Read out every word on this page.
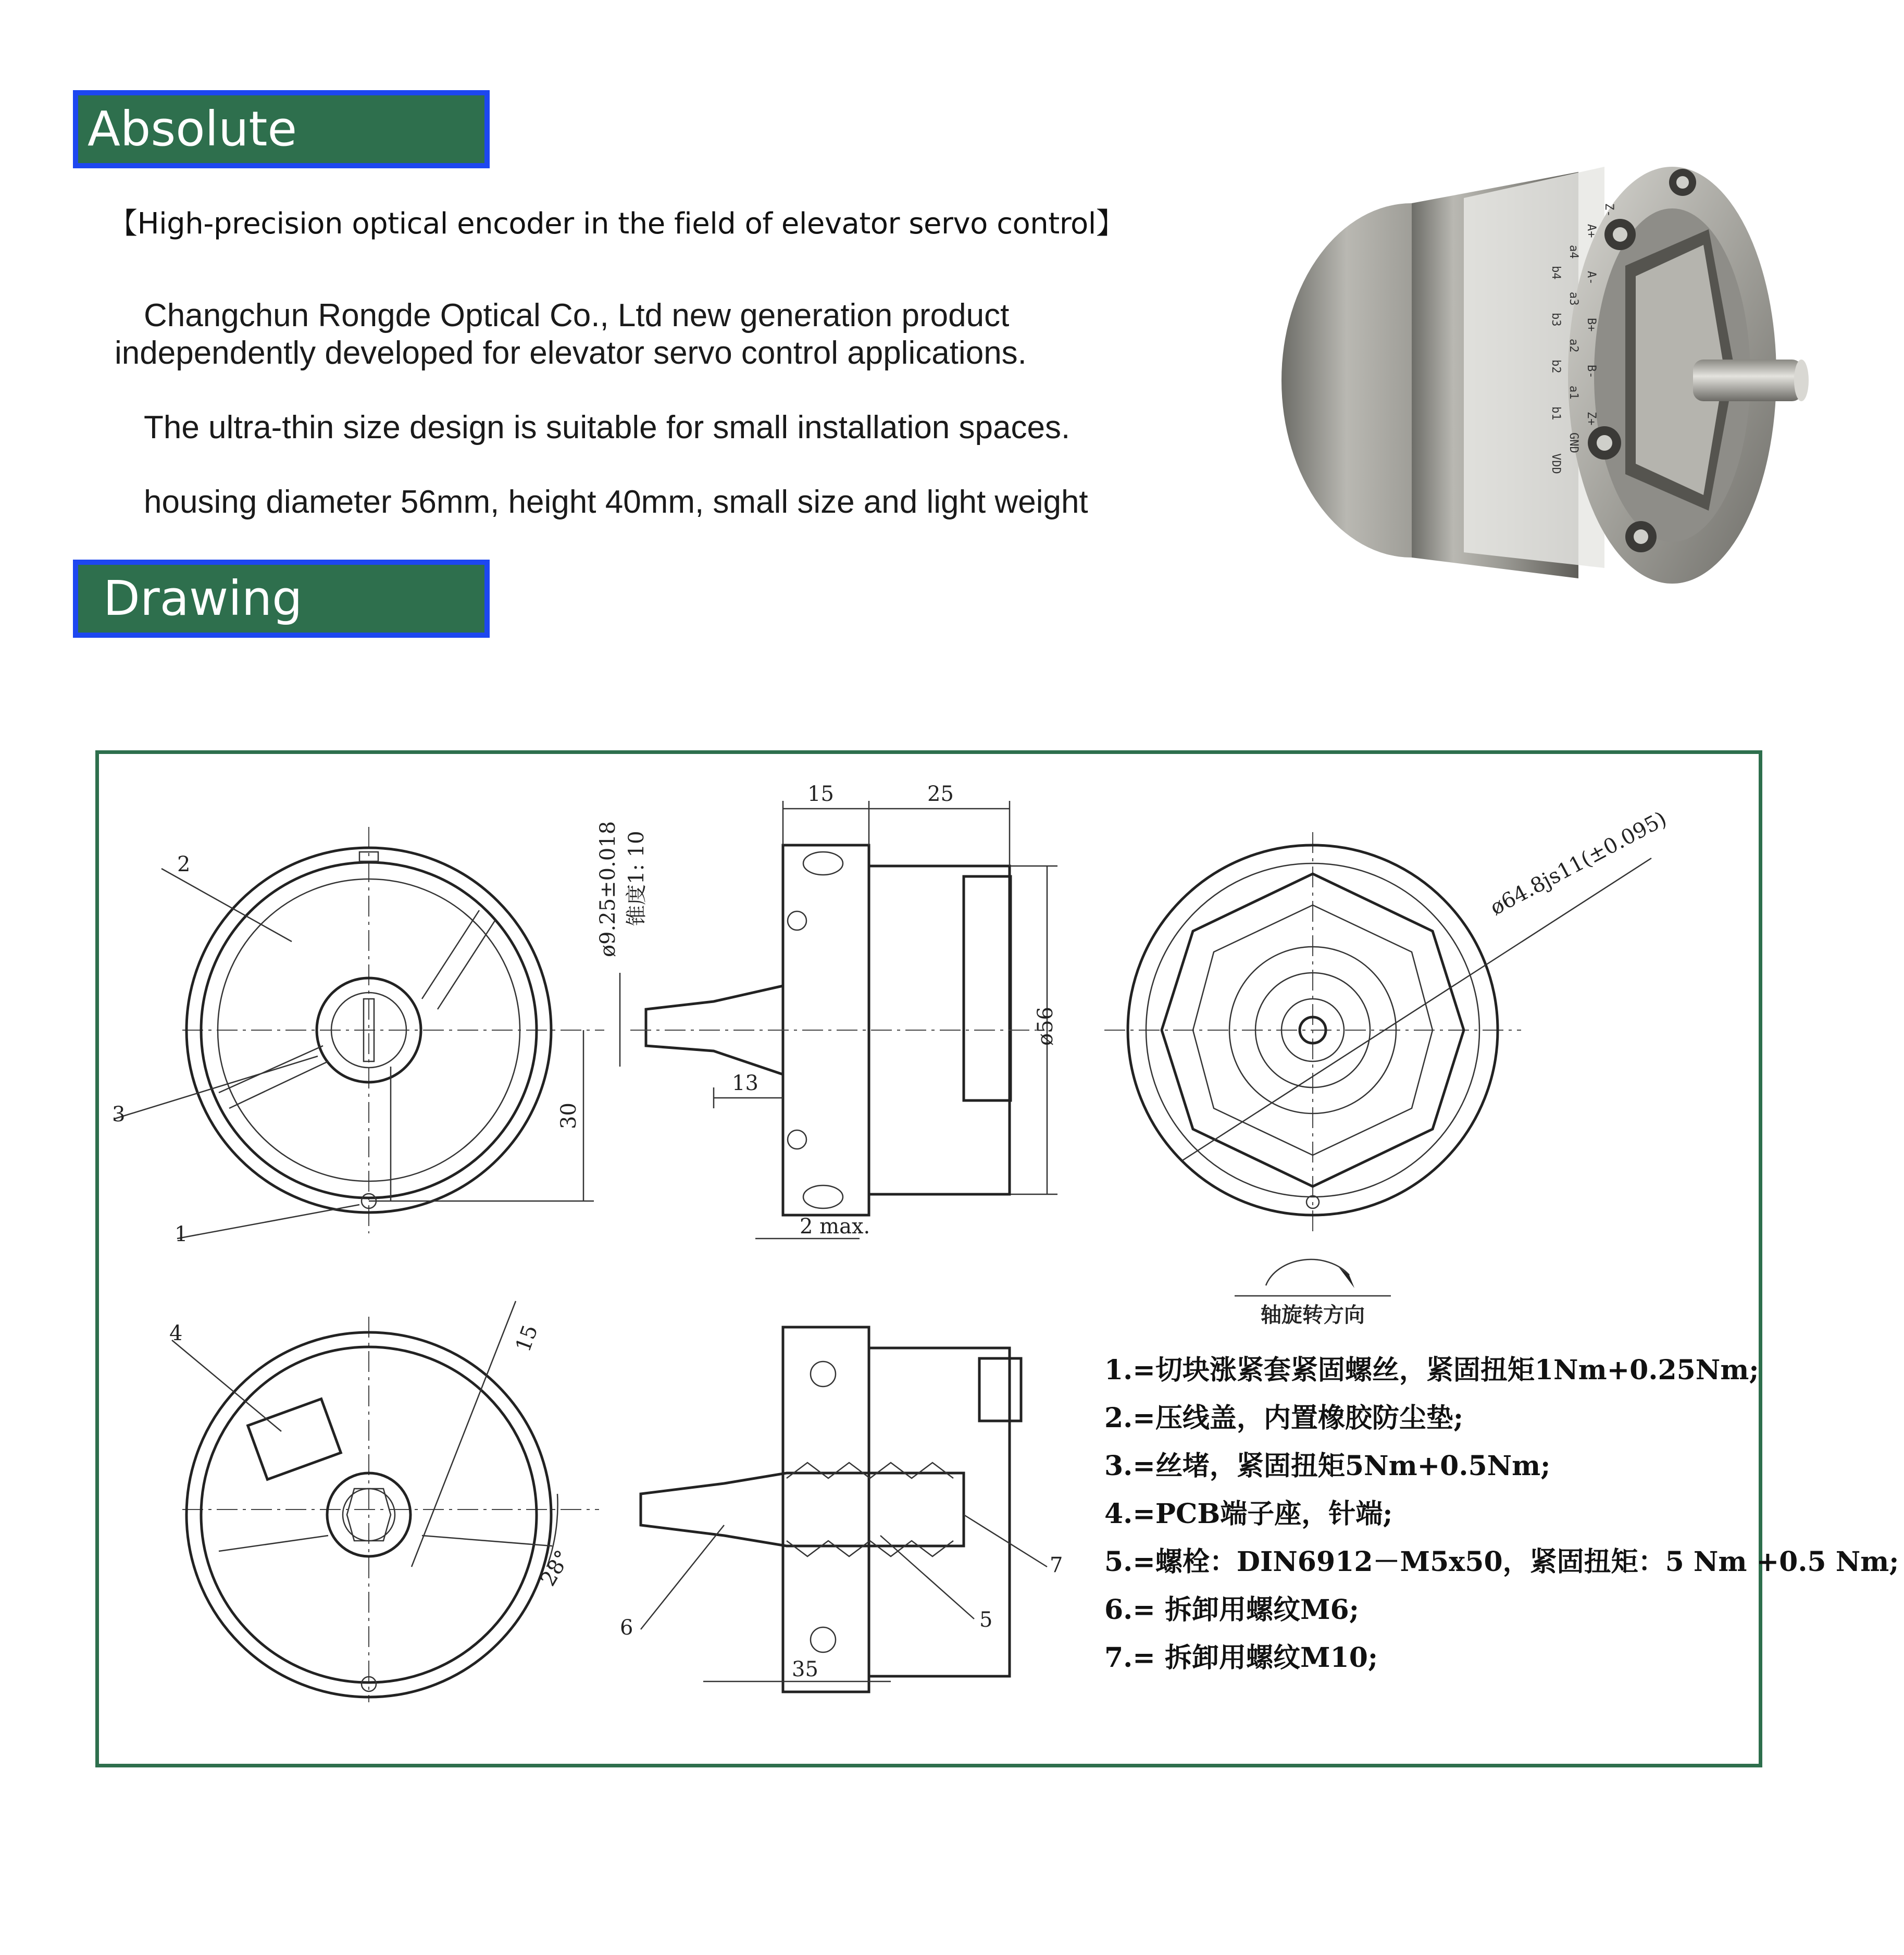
Absolute Encoder
【High-precision optical encoder in the field of elevator servo control】
Changchun Rongde Optical Co., Ltd new generation product independently developed for elevator servo control applications.
The ultra-thin size design is suitable for small installation spaces.
housing diameter 56mm, height 40mm, small size and light weight
Drawing
b4
b3
b2
b1
VDD
a4
a3
a2
a1
GND
A+
A-
B+
B-
Z+
Z-
30
2
3
1
15	25
ø56
13
2 max.
ø9.25±0.018 锥度1: 10	ø64.8js11(±0.095)
轴旋转方向
15
28°
4
35
6	5
7
1.=切块涨紧套紧固螺丝，紧固扭矩1Nm+0.25Nm;
2.=压线盖，内置橡胶防尘垫;
3.=丝堵，紧固扭矩5Nm+0.5Nm;
4.=PCB端子座，针端;
5.=螺栓：DIN6912－M5x50，紧固扭矩：5 Nm +0.5 Nm;
6.= 拆卸用螺纹M6;
7.= 拆卸用螺纹M10;
